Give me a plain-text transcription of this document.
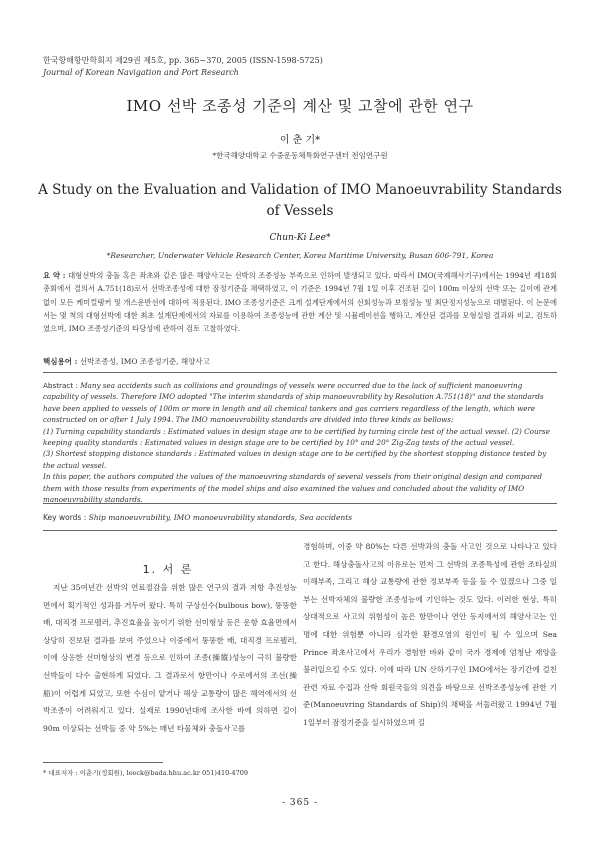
한국항해항만학회지 제29권 제5호, pp. 365~370, 2005 (ISSN-1598-5725)
Journal of Korean Navigation and Port Research
IMO 선박 조종성 기준의 계산 및 고찰에 관한 연구
이 춘 기*
*한국해양대학교 수중운동체특화연구센터 전임연구원
A Study on the Evaluation and Validation of IMO Manoeuvrability Standards of Vessels
Chun-Ki Lee*
*Researcher, Underwater Vehicle Research Center, Korea Maritime University, Busan 606-791, Korea
요 약 : 대형선박의 충돌 혹은 좌초와 같은 많은 해양사고는 선박의 조종성능 부족으로 인하여 발생되고 있다. 따라서 IMO(국제해사기구)에서는 1994년 제18회 총회에서 결의서 A.751(18)로서 선박조종성에 대한 잠정기준을 채택하였고, 이 기준은 1994년 7월 1일 이후 건조된 길이 100m 이상의 선박 또는 길이에 관계없이 모든 케미컬탱커 및 개스운반선에 대하여 적용된다. IMO 조종성기준은 크게 설계단계에서의 선회성능과 보침성능 및 최단정지성능으로 대별된다. 이 논문에서는 몇 척의 대형선박에 대한 최초 설계단계에서의 자료를 이용하여 조종성능에 관한 계산 및 시뮬레이션을 행하고, 계산된 결과를 모형실험 결과와 비교, 검토하였으며, IMO 조종성기준의 타당성에 관하여 검토 고찰하였다.
핵심용어 : 선박조종성, IMO 조종성기준, 해양사고

Abstract : Many sea accidents such as collisions and groundings of vessels were occurred due to the lack of sufficient manoeuvring capability of vessels. Therefore IMO adopted "The interim standards of ship manoeuvrability by Resolution A.751(18)" and the standards have been applied to vessels of 100m or more in length and all chemical tankers and gas carriers regardless of the length, which were constructed on or after 1 July 1994. The IMO manoeuvrability standards are divided into three kinds as bellows:

(1) Turning capability standards : Estimated values in design stage are to be certified by turning circle test of the actual vessel. (2) Course keeping quality standards : Estimated values in design stage are to be certified by 10° and 20° Zig-Zag tests of the actual vessel.

(3) Shortest stopping distance standards : Estimated values in design stage are to be certified by the shortest stopping distance tested by the actual vessel.

In this paper, the authors computed the values of the manoeuvring standards of several vessels from their original design and compared them with those results from experiments of the model ships and also examined the values and concluded about the validity of IMO manoeuvrability standards.

Key words : Ship manoeuvrability, IMO manoeuvrability standards, Sea accidents
1. 서 론

지난 35여년간 선박의 연료절감을 위한 많은 연구의 결과 저항 추진성능면에서 획기적인 성과를 거두어 왔다. 특히 구상선수(bulbous bow), 뚱뚱한 배, 대직경 프로펠러, 추진효율을 높이기 위한 선미형상 등은 운항 효율면에서 상당히 진보된 결과를 보여 주었으나 이중에서 뚱뚱한 배, 대직경 프로펠러, 이에 상응한 선미형상의 변경 등으로 인하여 조종(操縱)성능이 극히 불량한 선박들이 다수 출현하게 되었다. 그 결과로서 항만이나 수로에서의 조선(操船)이 어렵게 되었고, 또한 수심이 얕거나 해상 교통량이 많은 해역에서의 선박조종이 어려워지고 있다. 실제로 1990년대에 조사한 바에 의하면 길이 90m 이상되는 선박들 중 약 5%는 매년 타물체와 충돌사고를

경험하며, 이중 약 80%는 다른 선박과의 충돌 사고인 것으로 나타나고 있다고 한다. 해상충돌사고의 이유로는 먼저 그 선박의 조종특성에 관한 조타실의 이해부족, 그리고 해상 교통량에 관한 정보부족 등을 들 수 있겠으나 그중 일부는 선박자체의 불량한 조종성능에 기인하는 것도 있다. 이러한 현상, 특히 상대적으로 사고의 위험성이 높은 항만이나 연안 등지에서의 해양사고는 인명에 대한 위험뿐 아니라 심각한 환경오염의 원인이 될 수 있으며 Sea Prince 좌초사고에서 우리가 경험한 바와 같이 국가 경제에 엄청난 재앙을 불러일으킬 수도 있다. 이에 따라 UN 산하기구인 IMO에서는 장기간에 걸친 관련 자료 수집과 산학 회원국들의 의견을 바탕으로 선박조종성능에 관한 기준(Manoeuvring Standards of Ship)의 채택을 서둘러왔고 1994년 7월 1일부터 잠정기준을 실시하였으며 길

* 대표저자 : 이춘기(정회원), leeck@bada.hhu.ac.kr 051)410-4709
- 365 -
